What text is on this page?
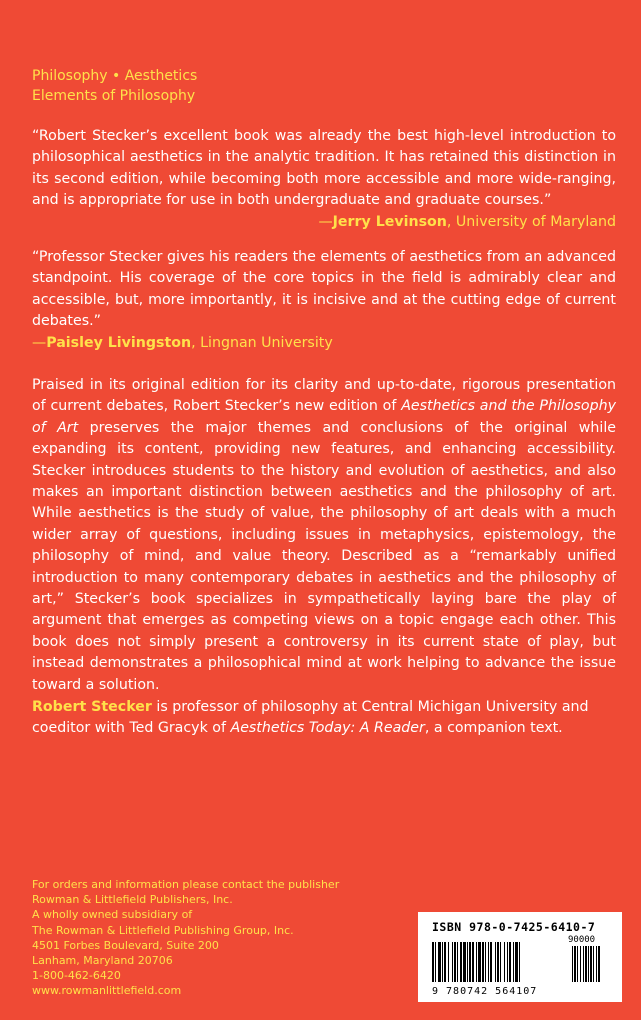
Philosophy • Aesthetics
Elements of Philosophy
“Robert Stecker’s excellent book was already the best high-level introduction to philosophical aesthetics in the analytic tradition. It has retained this distinction in its second edition, while becoming both more accessible and more wide-ranging, and is appropriate for use in both undergraduate and graduate courses.”
—Jerry Levinson, University of Maryland
“Professor Stecker gives his readers the elements of aesthetics from an advanced standpoint. His coverage of the core topics in the field is admirably clear and accessible, but, more importantly, it is incisive and at the cutting edge of current debates.”
—Paisley Livingston, Lingnan University
Praised in its original edition for its clarity and up-to-date, rigorous presentation of current debates, Robert Stecker’s new edition of Aesthetics and the Philosophy of Art preserves the major themes and conclusions of the original while expanding its content, providing new features, and enhancing accessibility. Stecker introduces students to the history and evolution of aesthetics, and also makes an important distinction between aesthetics and the philosophy of art. While aesthetics is the study of value, the philosophy of art deals with a much wider array of questions, including issues in metaphysics, epistemology, the philosophy of mind, and value theory. Described as a “remarkably unified introduction to many contemporary debates in aesthetics and the philosophy of art,” Stecker’s book specializes in sympathetically laying bare the play of argument that emerges as competing views on a topic engage each other. This book does not simply present a controversy in its current state of play, but instead demonstrates a philosophical mind at work helping to advance the issue toward a solution.
Robert Stecker is professor of philosophy at Central Michigan University and coeditor with Ted Gracyk of Aesthetics Today: A Reader, a companion text.
For orders and information please contact the publisher
Rowman & Littlefield Publishers, Inc.
A wholly owned subsidiary of
The Rowman & Littlefield Publishing Group, Inc.
4501 Forbes Boulevard, Suite 200
Lanham, Maryland 20706
1-800-462-6420
www.rowmanlittlefield.com
ISBN 978-0-7425-6410-7
90000
9 780742 564107
